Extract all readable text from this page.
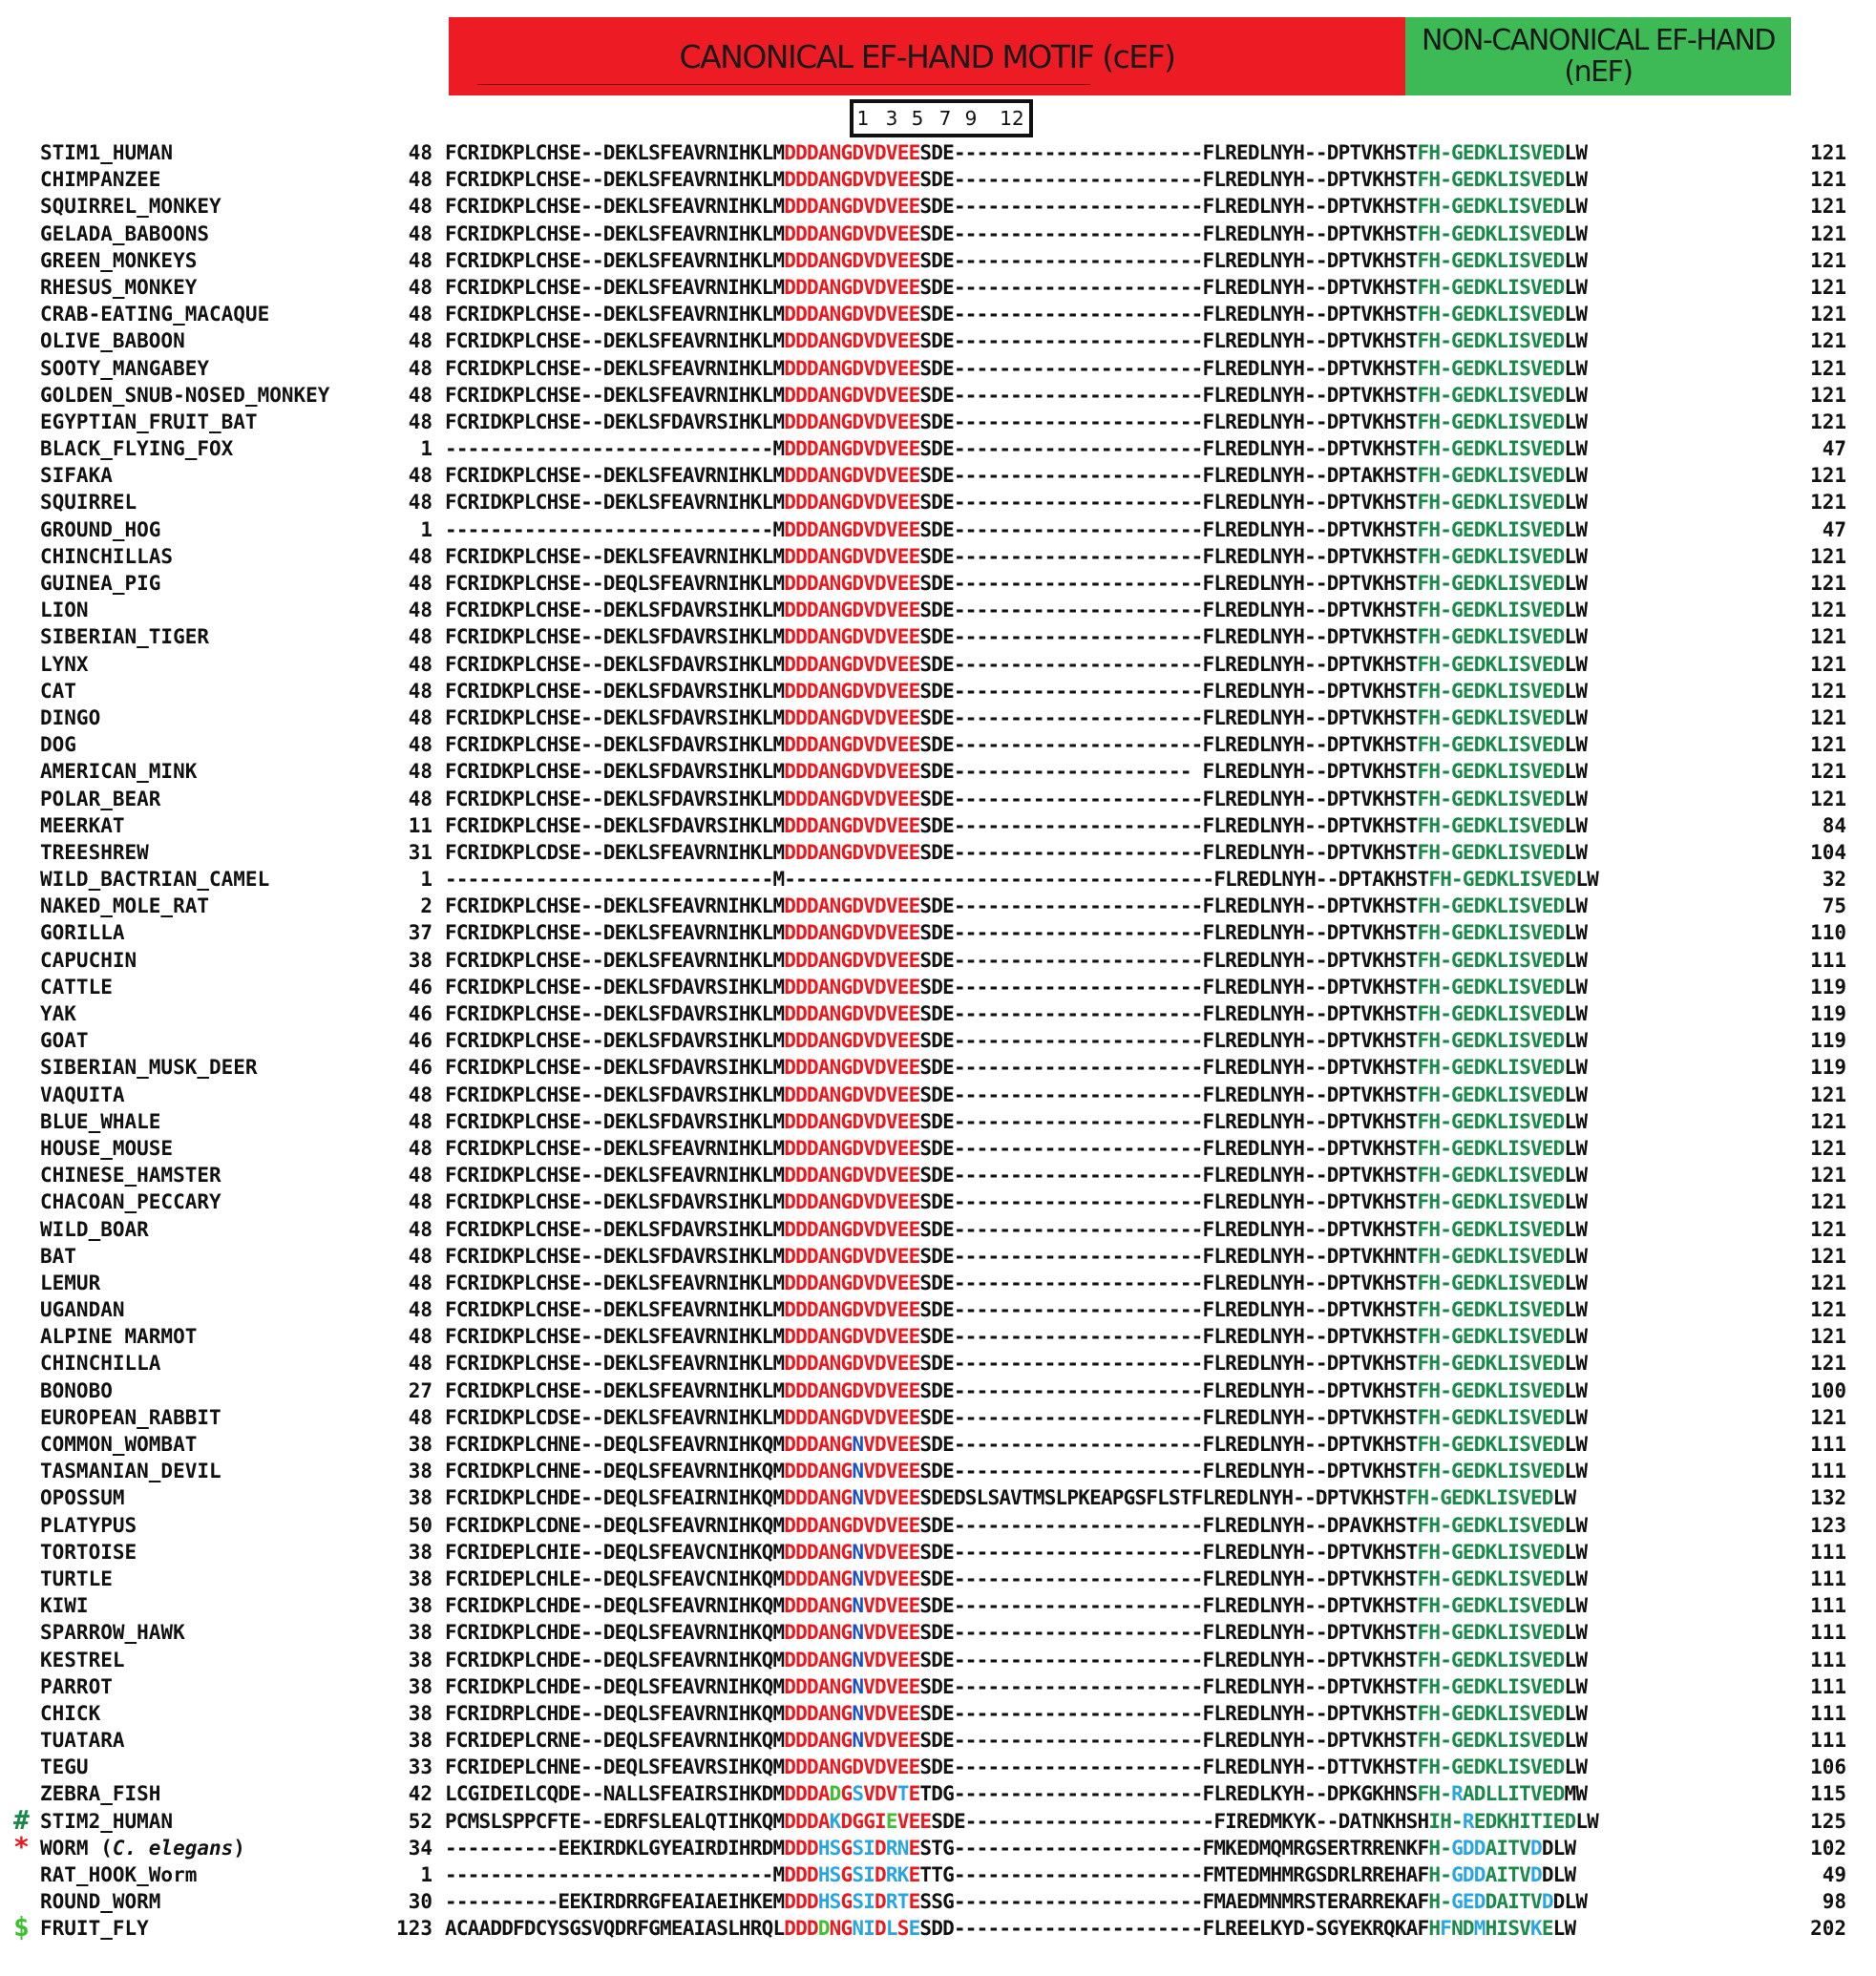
CANONICAL EF-HAND MOTIF (cEF)	NON-CANONICAL EF-HAND
(nEF)
1 3 5 7 9 12
STIM1_HUMAN	48 FCRIDKPLCHSE--DEKLSFEAVRNIHKLMDDDANGDVDVEESDE----------------------FLREDLNYH--DPTVKHSTFH-GEDKLISVEDLW	121
CHIMPANZEE	48 FCRIDKPLCHSE--DEKLSFEAVRNIHKLMDDDANGDVDVEESDE----------------------FLREDLNYH--DPTVKHSTFH-GEDKLISVEDLW	121
SQUIRREL_MONKEY	48 FCRIDKPLCHSE--DEKLSFEAVRNIHKLMDDDANGDVDVEESDE----------------------FLREDLNYH--DPTVKHSTFH-GEDKLISVEDLW	121
GELADA_BABOONS	48 FCRIDKPLCHSE--DEKLSFEAVRNIHKLMDDDANGDVDVEESDE----------------------FLREDLNYH--DPTVKHSTFH-GEDKLISVEDLW	121
GREEN_MONKEYS	48 FCRIDKPLCHSE--DEKLSFEAVRNIHKLMDDDANGDVDVEESDE----------------------FLREDLNYH--DPTVKHSTFH-GEDKLISVEDLW	121
RHESUS_MONKEY	48 FCRIDKPLCHSE--DEKLSFEAVRNIHKLMDDDANGDVDVEESDE----------------------FLREDLNYH--DPTVKHSTFH-GEDKLISVEDLW	121
CRAB-EATING_MACAQUE	48 FCRIDKPLCHSE--DEKLSFEAVRNIHKLMDDDANGDVDVEESDE----------------------FLREDLNYH--DPTVKHSTFH-GEDKLISVEDLW	121
OLIVE_BABOON	48 FCRIDKPLCHSE--DEKLSFEAVRNIHKLMDDDANGDVDVEESDE----------------------FLREDLNYH--DPTVKHSTFH-GEDKLISVEDLW	121
SOOTY_MANGABEY	48 FCRIDKPLCHSE--DEKLSFEAVRNIHKLMDDDANGDVDVEESDE----------------------FLREDLNYH--DPTVKHSTFH-GEDKLISVEDLW	121
GOLDEN_SNUB-NOSED_MONKEY	48 FCRIDKPLCHSE--DEKLSFEAVRNIHKLMDDDANGDVDVEESDE----------------------FLREDLNYH--DPTVKHSTFH-GEDKLISVEDLW	121
EGYPTIAN_FRUIT_BAT	48 FCRIDKPLCHSE--DEKLSFDAVRSIHKLMDDDANGDVDVEESDE----------------------FLREDLNYH--DPTVKHSTFH-GEDKLISVEDLW	121
BLACK_FLYING_FOX	1 -----------------------------MDDDANGDVDVEESDE----------------------FLREDLNYH--DPTVKHSTFH-GEDKLISVEDLW	47
SIFAKA	48 FCRIDKPLCHSE--DEKLSFEAVRNIHKLMDDDANGDVDVEESDE----------------------FLREDLNYH--DPTAKHSTFH-GEDKLISVEDLW	121
SQUIRREL	48 FCRIDKPLCHSE--DEKLSFEAVRNIHKLMDDDANGDVDVEESDE----------------------FLREDLNYH--DPTVKHSTFH-GEDKLISVEDLW	121
GROUND_HOG	1 -----------------------------MDDDANGDVDVEESDE----------------------FLREDLNYH--DPTVKHSTFH-GEDKLISVEDLW	47
CHINCHILLAS	48 FCRIDKPLCHSE--DEKLSFEAVRNIHKLMDDDANGDVDVEESDE----------------------FLREDLNYH--DPTVKHSTFH-GEDKLISVEDLW	121
GUINEA_PIG	48 FCRIDKPLCHSE--DEQLSFEAVRNIHKLMDDDANGDVDVEESDE----------------------FLREDLNYH--DPTVKHSTFH-GEDKLISVEDLW	121
LION	48 FCRIDKPLCHSE--DEKLSFDAVRSIHKLMDDDANGDVDVEESDE----------------------FLREDLNYH--DPTVKHSTFH-GEDKLISVEDLW	121
SIBERIAN_TIGER	48 FCRIDKPLCHSE--DEKLSFDAVRSIHKLMDDDANGDVDVEESDE----------------------FLREDLNYH--DPTVKHSTFH-GEDKLISVEDLW	121
LYNX	48 FCRIDKPLCHSE--DEKLSFDAVRSIHKLMDDDANGDVDVEESDE----------------------FLREDLNYH--DPTVKHSTFH-GEDKLISVEDLW	121
CAT	48 FCRIDKPLCHSE--DEKLSFDAVRSIHKLMDDDANGDVDVEESDE----------------------FLREDLNYH--DPTVKHSTFH-GEDKLISVEDLW	121
DINGO	48 FCRIDKPLCHSE--DEKLSFDAVRSIHKLMDDDANGDVDVEESDE----------------------FLREDLNYH--DPTVKHSTFH-GEDKLISVEDLW	121
DOG	48 FCRIDKPLCHSE--DEKLSFDAVRSIHKLMDDDANGDVDVEESDE----------------------FLREDLNYH--DPTVKHSTFH-GEDKLISVEDLW	121
AMERICAN_MINK	48 FCRIDKPLCHSE--DEKLSFDAVRSIHKLMDDDANGDVDVEESDE--------------------- FLREDLNYH--DPTVKHSTFH-GEDKLISVEDLW	121
POLAR_BEAR	48 FCRIDKPLCHSE--DEKLSFDAVRSIHKLMDDDANGDVDVEESDE----------------------FLREDLNYH--DPTVKHSTFH-GEDKLISVEDLW	121
MEERKAT	11 FCRIDKPLCHSE--DEKLSFDAVRSIHKLMDDDANGDVDVEESDE----------------------FLREDLNYH--DPTVKHSTFH-GEDKLISVEDLW	84
TREESHREW	31 FCRIDKPLCDSE--DEKLSFEAVRNIHKLMDDDANGDVDVEESDE----------------------FLREDLNYH--DPTVKHSTFH-GEDKLISVEDLW	104
WILD_BACTRIAN_CAMEL	1 -----------------------------M--------------------------------------FLREDLNYH--DPTAKHSTFH-GEDKLISVEDLW	32
NAKED_MOLE_RAT	2 FCRIDKPLCHSE--DEKLSFEAVRNIHKLMDDDANGDVDVEESDE----------------------FLREDLNYH--DPTVKHSTFH-GEDKLISVEDLW	75
GORILLA	37 FCRIDKPLCHSE--DEKLSFEAVRNIHKLMDDDANGDVDVEESDE----------------------FLREDLNYH--DPTVKHSTFH-GEDKLISVEDLW	110
CAPUCHIN	38 FCRIDKPLCHSE--DEKLSFEAVRNIHKLMDDDANGDVDVEESDE----------------------FLREDLNYH--DPTVKHSTFH-GEDKLISVEDLW	111
CATTLE	46 FCRIDKPLCHSE--DEKLSFDAVRSIHKLMDDDANGDVDVEESDE----------------------FLREDLNYH--DPTVKHSTFH-GEDKLISVEDLW	119
YAK	46 FCRIDKPLCHSE--DEKLSFDAVRSIHKLMDDDANGDVDVEESDE----------------------FLREDLNYH--DPTVKHSTFH-GEDKLISVEDLW	119
GOAT	46 FCRIDKPLCHSE--DEKLSFDAVRSIHKLMDDDANGDVDVEESDE----------------------FLREDLNYH--DPTVKHSTFH-GEDKLISVEDLW	119
SIBERIAN_MUSK_DEER	46 FCRIDKPLCHSE--DEKLSFDAVRSIHKLMDDDANGDVDVEESDE----------------------FLREDLNYH--DPTVKHSTFH-GEDKLISVEDLW	119
VAQUITA	48 FCRIDKPLCHSE--DEKLSFDAVRSIHKLMDDDANGDVDVEESDE----------------------FLREDLNYH--DPTVKHSTFH-GEDKLISVEDLW	121
BLUE_WHALE	48 FCRIDKPLCHSE--DEKLSFDAVRSIHKLMDDDANGDVDVEESDE----------------------FLREDLNYH--DPTVKHSTFH-GEDKLISVEDLW	121
HOUSE_MOUSE	48 FCRIDKPLCHSE--DEKLSFEAVRNIHKLMDDDANGDVDVEESDE----------------------FLREDLNYH--DPTVKHSTFH-GEDKLISVEDLW	121
CHINESE_HAMSTER	48 FCRIDKPLCHSE--DEKLSFEAVRNIHKLMDDDANGDVDVEESDE----------------------FLREDLNYH--DPTVKHSTFH-GEDKLISVEDLW	121
CHACOAN_PECCARY	48 FCRIDKPLCHSE--DEKLSFDAVRSIHKLMDDDANGDVDVEESDE----------------------FLREDLNYH--DPTVKHSTFH-GEDKLISVEDLW	121
WILD_BOAR	48 FCRIDKPLCHSE--DEKLSFDAVRSIHKLMDDDANGDVDVEESDE----------------------FLREDLNYH--DPTVKHSTFH-GEDKLISVEDLW	121
BAT	48 FCRIDKPLCHSE--DEKLSFDAVRSIHKLMDDDANGDVDVEESDE----------------------FLREDLNYH--DPTVKHNTFH-GEDKLISVEDLW	121
LEMUR	48 FCRIDKPLCHSE--DEKLSFEAVRNIHKLMDDDANGDVDVEESDE----------------------FLREDLNYH--DPTVKHSTFH-GEDKLISVEDLW	121
UGANDAN	48 FCRIDKPLCHSE--DEKLSFEAVRNIHKLMDDDANGDVDVEESDE----------------------FLREDLNYH--DPTVKHSTFH-GEDKLISVEDLW	121
ALPINE MARMOT	48 FCRIDKPLCHSE--DEKLSFEAVRNIHKLMDDDANGDVDVEESDE----------------------FLREDLNYH--DPTVKHSTFH-GEDKLISVEDLW	121
CHINCHILLA	48 FCRIDKPLCHSE--DEKLSFEAVRNIHKLMDDDANGDVDVEESDE----------------------FLREDLNYH--DPTVKHSTFH-GEDKLISVEDLW	121
BONOBO	27 FCRIDKPLCHSE--DEKLSFEAVRNIHKLMDDDANGDVDVEESDE----------------------FLREDLNYH--DPTVKHSTFH-GEDKLISVEDLW	100
EUROPEAN_RABBIT	48 FCRIDKPLCDSE--DEKLSFEAVRNIHKLMDDDANGDVDVEESDE----------------------FLREDLNYH--DPTVKHSTFH-GEDKLISVEDLW	121
COMMON_WOMBAT	38 FCRIDKPLCHNE--DEQLSFEAVRNIHKQMDDDANGNVDVEESDE----------------------FLREDLNYH--DPTVKHSTFH-GEDKLISVEDLW	111
TASMANIAN_DEVIL	38 FCRIDKPLCHNE--DEQLSFEAVRNIHKQMDDDANGNVDVEESDE----------------------FLREDLNYH--DPTVKHSTFH-GEDKLISVEDLW	111
OPOSSUM	38 FCRIDKPLCHDE--DEQLSFEAIRNIHKQMDDDANGNVDVEESDEDSLSAVTMSLPKEAPGSFLSTFLREDLNYH--DPTVKHSTFH-GEDKLISVEDLW	132
PLATYPUS	50 FCRIDKPLCDNE--DEQLSFEAVRNIHKQMDDDANGDVDVEESDE----------------------FLREDLNYH--DPAVKHSTFH-GEDKLISVEDLW	123
TORTOISE	38 FCRIDEPLCHIE--DEQLSFEAVCNIHKQMDDDANGNVDVEESDE----------------------FLREDLNYH--DPTVKHSTFH-GEDKLISVEDLW	111
TURTLE	38 FCRIDEPLCHLE--DEQLSFEAVCNIHKQMDDDANGNVDVEESDE----------------------FLREDLNYH--DPTVKHSTFH-GEDKLISVEDLW	111
KIWI	38 FCRIDKPLCHDE--DEQLSFEAVRNIHKQMDDDANGNVDVEESDE----------------------FLREDLNYH--DPTVKHSTFH-GEDKLISVEDLW	111
SPARROW_HAWK	38 FCRIDKPLCHDE--DEQLSFEAVRNIHKQMDDDANGNVDVEESDE----------------------FLREDLNYH--DPTVKHSTFH-GEDKLISVEDLW	111
KESTREL	38 FCRIDKPLCHDE--DEQLSFEAVRNIHKQMDDDANGNVDVEESDE----------------------FLREDLNYH--DPTVKHSTFH-GEDKLISVEDLW	111
PARROT	38 FCRIDKPLCHDE--DEQLSFEAVRNIHKQMDDDANGNVDVEESDE----------------------FLREDLNYH--DPTVKHSTFH-GEDKLISVEDLW	111
CHICK	38 FCRIDRPLCHDE--DEQLSFEAVRNIHKQMDDDANGNVDVEESDE----------------------FLREDLNYH--DPTVKHSTFH-GEDKLISVEDLW	111
TUATARA	38 FCRIDEPLCRNE--DEQLSFEAVRNIHKQMDDDANGNVDVEESDE----------------------FLREDLNYH--DPTVKHSTFH-GEDKLISVEDLW	111
TEGU	33 FCRIDEPLCHNE--DEQLSFEAVRSIHKQMDDDANGDVDVEESDE----------------------FLREDLNYH--DTTVKHSTFH-GEDKLISVEDLW	106
ZEBRA_FISH	42 LCGIDEILCQDE--NALLSFEAIRSIHKDMDDDADGSVDVTETDG----------------------FLREDLKYH--DPKGKHNSFH-RADLLITVEDMW	115
# STIM2_HUMAN	52 PCMSLSPPCFTE--EDRFSLEALQTIHKQMDDDAKDGGIEVEESDE----------------------FIREDMKYK--DATNKHSHIH-REDKHITIEDLW	125
* WORM (C. elegans)	34 ----------EEKIRDKLGYEAIRDIHRDMDDDHSGSIDRNESTG----------------------FMKEDMQMRGSERTRRENKFH-GDDAITVDDLW	102
RAT_HOOK_Worm	1 -----------------------------MDDDHSGSIDRKETTG----------------------FMTEDMHMRGSDRLRREHAFH-GDDAITVDDLW	49
ROUND_WORM	30 ----------EEKIRDRRGFEAIAEIHKEMDDDHSGSIDRTESSG----------------------FMAEDMNMRSTERARREKAFH-GEDDAITVDDLW	98
$ FRUIT_FLY	123 ACAADDFDCYSGSVQDRFGMEAIASLHRQLDDDDNGNIDLSESDD----------------------FLREELKYD-SGYEKRQKAFHFNDMHISVKELW	202
